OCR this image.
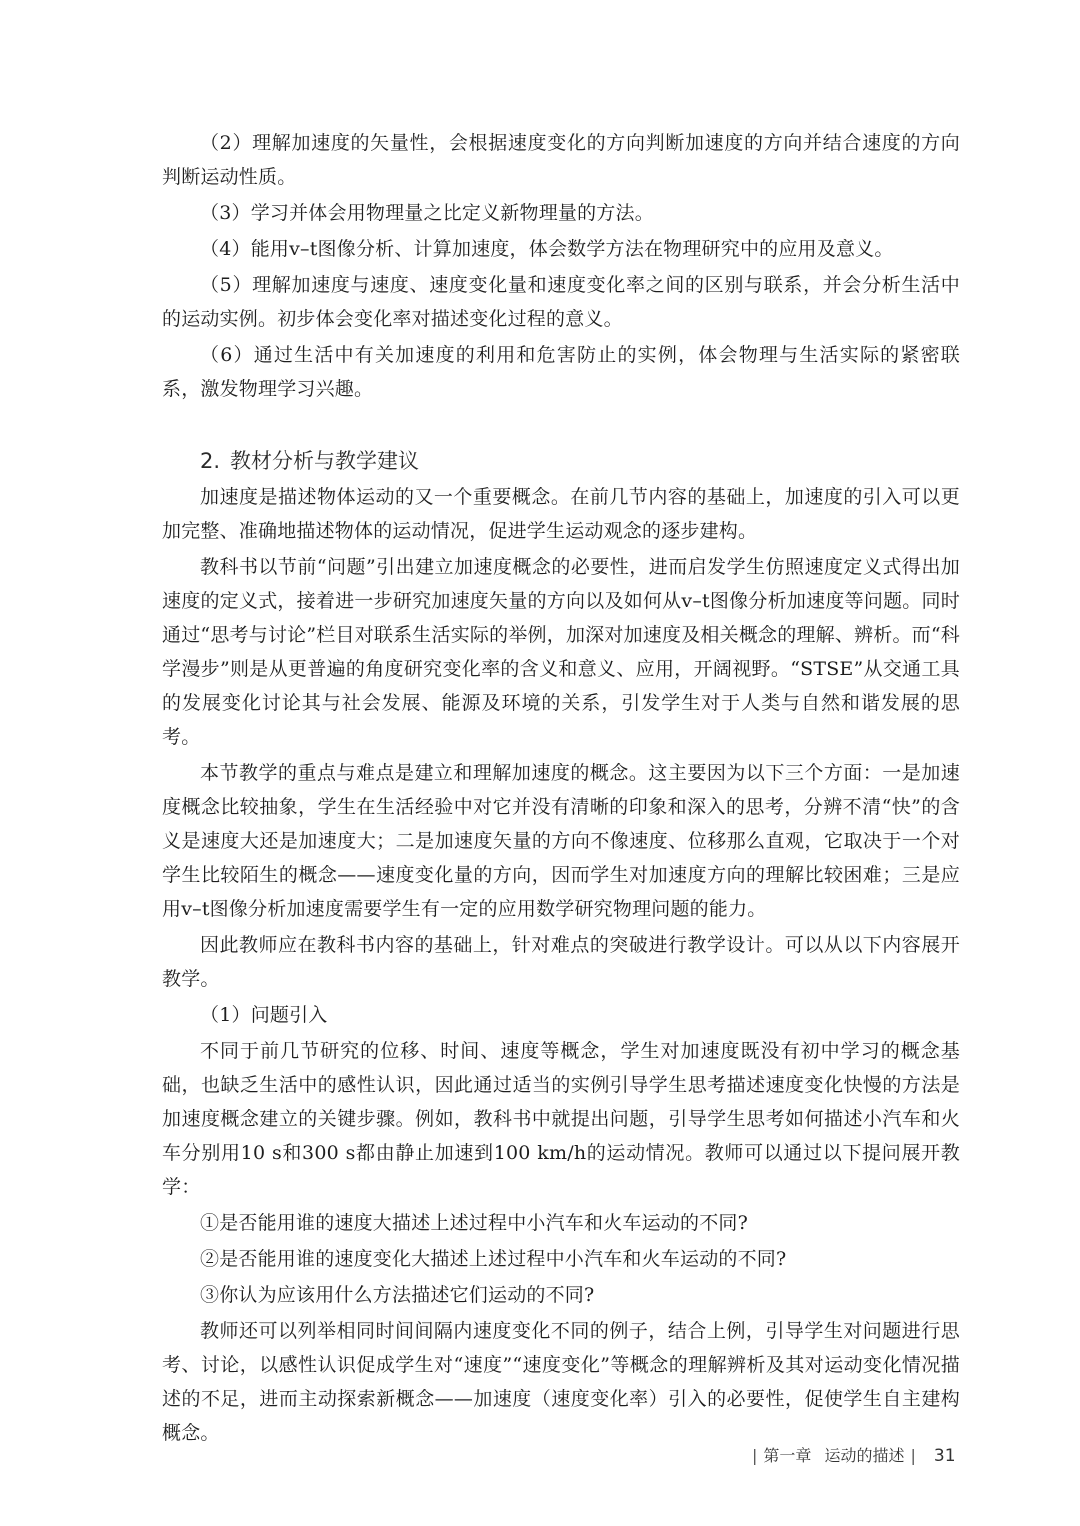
（2）理解加速度的矢量性，会根据速度变化的方向判断加速度的方向并结合速度的方向判断运动性质。

（3）学习并体会用物理量之比定义新物理量的方法。

（4）能用v–t图像分析、计算加速度，体会数学方法在物理研究中的应用及意义。

（5）理解加速度与速度、速度变化量和速度变化率之间的区别与联系，并会分析生活中的运动实例。初步体会变化率对描述变化过程的意义。

（6）通过生活中有关加速度的利用和危害防止的实例，体会物理与生活实际的紧密联系，激发物理学习兴趣。

2. 教材分析与教学建议

加速度是描述物体运动的又一个重要概念。在前几节内容的基础上，加速度的引入可以更加完整、准确地描述物体的运动情况，促进学生运动观念的逐步建构。

教科书以节前“问题”引出建立加速度概念的必要性，进而启发学生仿照速度定义式得出加速度的定义式，接着进一步研究加速度矢量的方向以及如何从v–t图像分析加速度等问题。同时通过“思考与讨论”栏目对联系生活实际的举例，加深对加速度及相关概念的理解、辨析。而“科学漫步”则是从更普遍的角度研究变化率的含义和意义、应用，开阔视野。“STSE”从交通工具的发展变化讨论其与社会发展、能源及环境的关系，引发学生对于人类与自然和谐发展的思考。

本节教学的重点与难点是建立和理解加速度的概念。这主要因为以下三个方面：一是加速度概念比较抽象，学生在生活经验中对它并没有清晰的印象和深入的思考，分辨不清“快”的含义是速度大还是加速度大；二是加速度矢量的方向不像速度、位移那么直观，它取决于一个对学生比较陌生的概念——速度变化量的方向，因而学生对加速度方向的理解比较困难；三是应用v–t图像分析加速度需要学生有一定的应用数学研究物理问题的能力。

因此教师应在教科书内容的基础上，针对难点的突破进行教学设计。可以从以下内容展开教学。

（1）问题引入

不同于前几节研究的位移、时间、速度等概念，学生对加速度既没有初中学习的概念基础，也缺乏生活中的感性认识，因此通过适当的实例引导学生思考描述速度变化快慢的方法是加速度概念建立的关键步骤。例如，教科书中就提出问题，引导学生思考如何描述小汽车和火车分别用10 s和300 s都由静止加速到100 km/h的运动情况。教师可以通过以下提问展开教学：

①是否能用谁的速度大描述上述过程中小汽车和火车运动的不同?

②是否能用谁的速度变化大描述上述过程中小汽车和火车运动的不同?

③你认为应该用什么方法描述它们运动的不同?

教师还可以列举相同时间间隔内速度变化不同的例子，结合上例，引导学生对问题进行思考、讨论，以感性认识促成学生对“速度”“速度变化”等概念的理解辨析及其对运动变化情况描述的不足，进而主动探索新概念——加速度（速度变化率）引入的必要性，促使学生自主建构概念。

| 第一章 运动的描述 | 31
